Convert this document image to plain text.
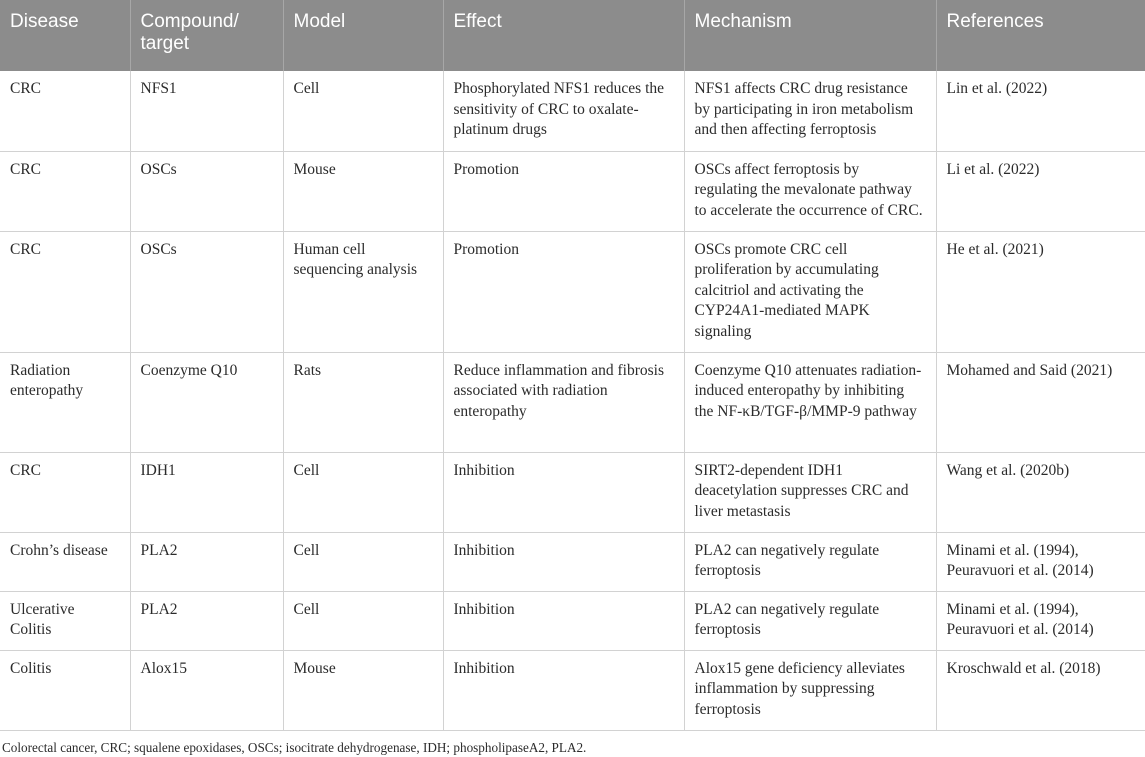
Disease	Compound/ target	Model	Effect	Mechanism	References
CRC	NFS1	Cell	Phosphorylated NFS1 reduces the sensitivity of CRC to oxalate-platinum drugs	NFS1 affects CRC drug resistance by participating in iron metabolism and then affecting ferroptosis	Lin et al. (2022)
CRC	OSCs	Mouse	Promotion	OSCs affect ferroptosis by regulating the mevalonate pathway to accelerate the occurrence of CRC.	Li et al. (2022)
CRC	OSCs	Human cell sequencing analysis	Promotion	OSCs promote CRC cell proliferation by accumulating calcitriol and activating the CYP24A1-mediated MAPK signaling	He et al. (2021)
Radiation enteropathy	Coenzyme Q10	Rats	Reduce inflammation and fibrosis associated with radiation enteropathy	Coenzyme Q10 attenuates radiation-induced enteropathy by inhibiting the NF-κB/TGF-β/MMP-9 pathway	Mohamed and Said (2021)
CRC	IDH1	Cell	Inhibition	SIRT2-dependent IDH1 deacetylation suppresses CRC and liver metastasis	Wang et al. (2020b)
Crohn’s disease	PLA2	Cell	Inhibition	PLA2 can negatively regulate ferroptosis	Minami et al. (1994), Peuravuori et al. (2014)
Ulcerative Colitis	PLA2	Cell	Inhibition	PLA2 can negatively regulate ferroptosis	Minami et al. (1994), Peuravuori et al. (2014)
Colitis	Alox15	Mouse	Inhibition	Alox15 gene deficiency alleviates inflammation by suppressing ferroptosis	Kroschwald et al. (2018)
Colorectal cancer, CRC; squalene epoxidases, OSCs; isocitrate dehydrogenase, IDH; phospholipaseA2, PLA2.
